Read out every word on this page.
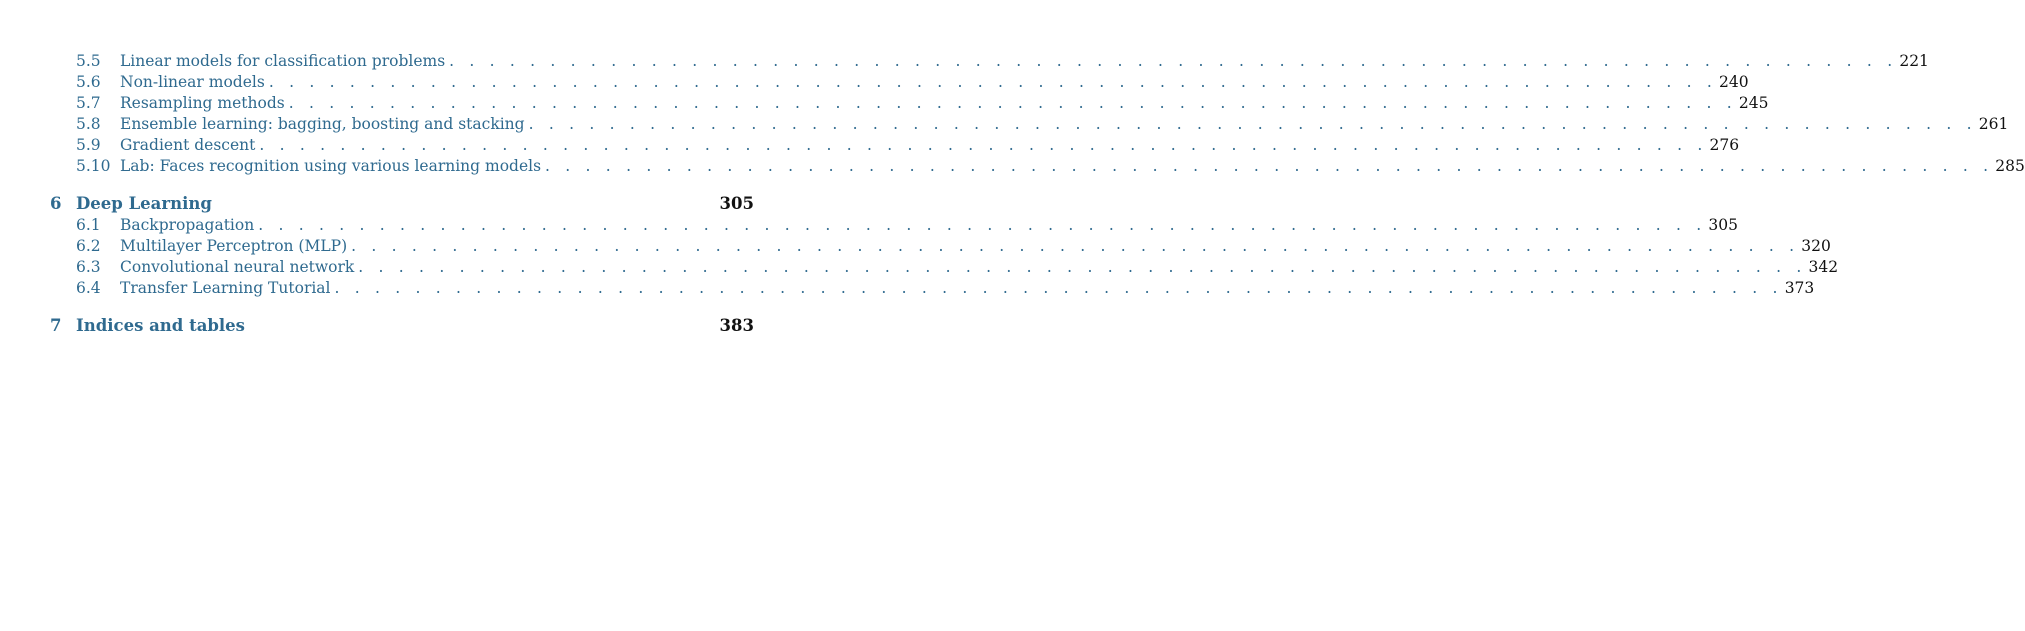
5.5	Linear models for classification problems . . . . . . . . . . . . . . . . . . . . . . . . . . . . . . . . . . . . . . . . . . . . . . . . . . . . . . . . . . . . . . . . . . . . . . . . 221
5.6	Non-linear models . . . . . . . . . . . . . . . . . . . . . . . . . . . . . . . . . . . . . . . . . . . . . . . . . . . . . . . . . . . . . . . . . . . . . . . . 240
5.7	Resampling methods . . . . . . . . . . . . . . . . . . . . . . . . . . . . . . . . . . . . . . . . . . . . . . . . . . . . . . . . . . . . . . . . . . . . . . . . 245
5.8	Ensemble learning: bagging, boosting and stacking . . . . . . . . . . . . . . . . . . . . . . . . . . . . . . . . . . . . . . . . . . . . . . . . . . . . . . . . . . . . . . . . . . . . . . . . 261
5.9	Gradient descent . . . . . . . . . . . . . . . . . . . . . . . . . . . . . . . . . . . . . . . . . . . . . . . . . . . . . . . . . . . . . . . . . . . . . . . . 276
5.10 Lab: Faces recognition using various learning models . . . . . . . . . . . . . . . . . . . . . . . . . . . . . . . . . . . . . . . . . . . . . . . . . . . . . . . . . . . . . . . . . . . . . . . . 285
6 Deep Learning	305
6.1	Backpropagation . . . . . . . . . . . . . . . . . . . . . . . . . . . . . . . . . . . . . . . . . . . . . . . . . . . . . . . . . . . . . . . . . . . . . . . . 305
6.2	Multilayer Perceptron (MLP) . . . . . . . . . . . . . . . . . . . . . . . . . . . . . . . . . . . . . . . . . . . . . . . . . . . . . . . . . . . . . . . . . . . . . . . . 320
6.3	Convolutional neural network . . . . . . . . . . . . . . . . . . . . . . . . . . . . . . . . . . . . . . . . . . . . . . . . . . . . . . . . . . . . . . . . . . . . . . . . 342
6.4	Transfer Learning Tutorial . . . . . . . . . . . . . . . . . . . . . . . . . . . . . . . . . . . . . . . . . . . . . . . . . . . . . . . . . . . . . . . . . . . . . . . . 373
7 Indices and tables	383
